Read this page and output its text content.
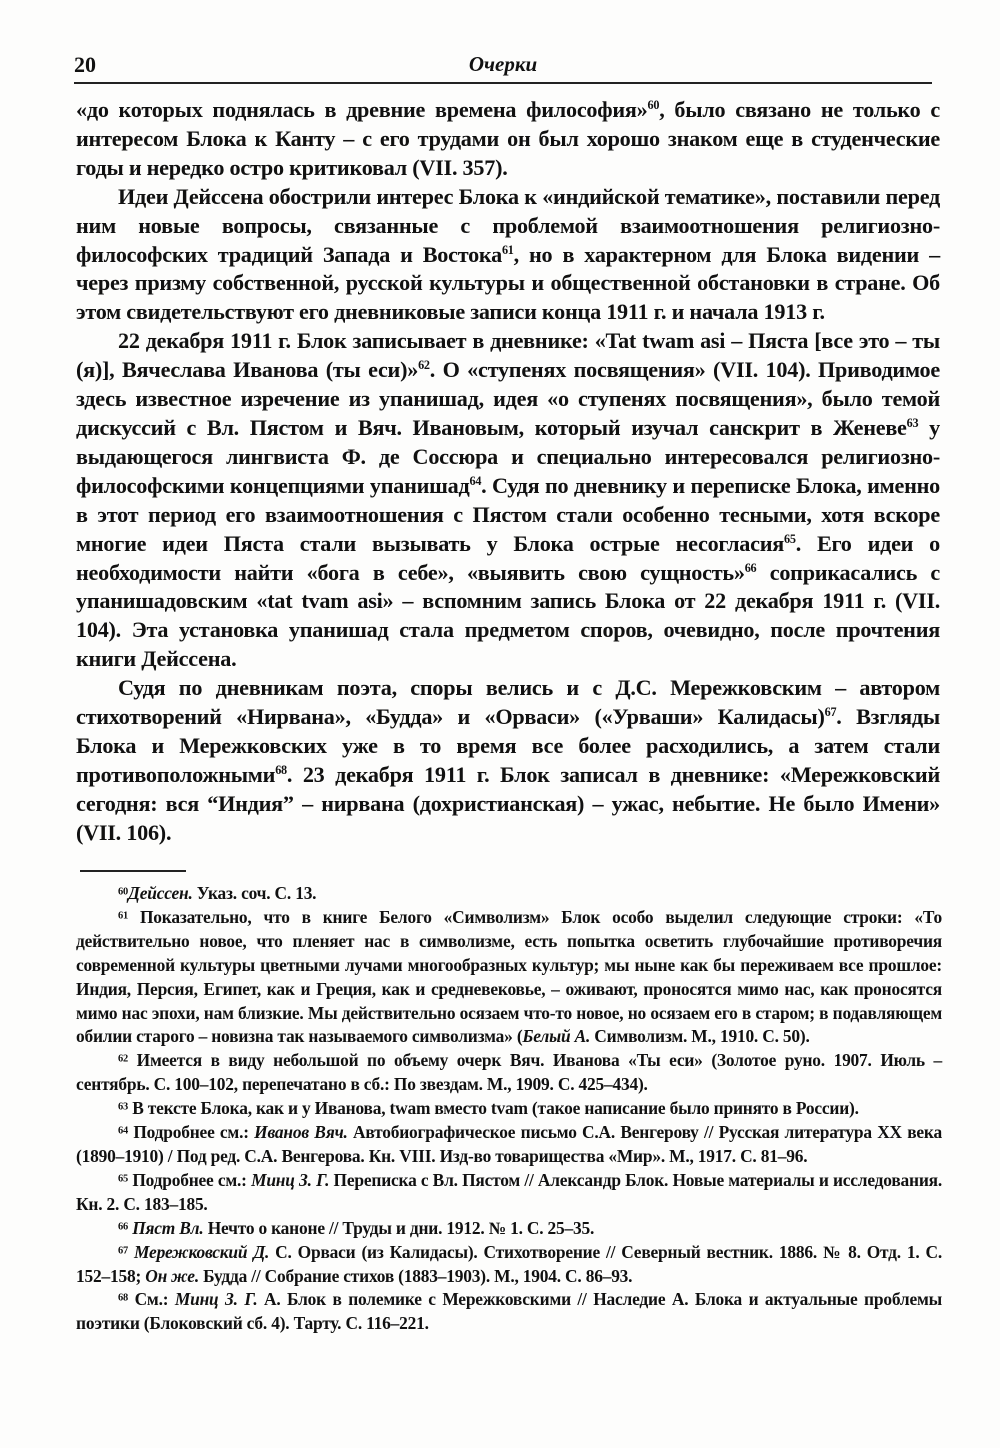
20	Очерки

«до которых поднялась в древние времена философия»$^{60}$, было связано не только с интересом Блока к Канту – с его трудами он был хорошо знаком еще в студенческие годы и нередко остро критиковал (VII. 357).

Идеи Дейссена обострили интерес Блока к «индийской тематике», поставили перед ним новые вопросы, связанные с проблемой взаимоотношения религиозно-философских традиций Запада и Востока$^{61}$, но в характерном для Блока видении – через призму собственной, русской культуры и общественной обстановки в стране. Об этом свидетельствуют его дневниковые записи конца 1911 г. и начала 1913 г.

22 декабря 1911 г. Блок записывает в дневнике: «Tat twam asi – Пяста [все это – ты (я)], Вячеслава Иванова (ты еси)»$^{62}$. О «ступенях посвящения» (VII. 104). Приводимое здесь известное изречение из упанишад, идея «о ступенях посвящения», было темой дискуссий с Вл. Пястом и Вяч. Ивановым, который изучал санскрит в Женеве$^{63}$ у выдающегося лингвиста Ф. де Соссюра и специально интересовался религиозно-философскими концепциями упанишад$^{64}$. Судя по дневнику и переписке Блока, именно в этот период его взаимоотношения с Пястом стали особенно тесными, хотя вскоре многие идеи Пяста стали вызывать у Блока острые несогласия$^{65}$. Его идеи о необходимости найти «бога в себе», «выявить свою сущность»$^{66}$ соприкасались с упанишадовским «tat tvam asi» – вспомним запись Блока от 22 декабря 1911 г. (VII. 104). Эта установка упанишад стала предметом споров, очевидно, после прочтения книги Дейссена.

Судя по дневникам поэта, споры велись и с Д.С. Мережковским – автором стихотворений «Нирвана», «Будда» и «Орваси» («Урваши» Калидасы)$^{67}$. Взгляды Блока и Мережковских уже в то время все более расходились, а затем стали противоположными$^{68}$. 23 декабря 1911 г. Блок записал в дневнике: «Мережковский сегодня: вся “Индия” – нирвана (дохристианская) – ужас, небытие. Не было Имени» (VII. 106).

$^{60}$Дейссен. Указ. соч. С. 13.

$^{61}$ Показательно, что в книге Белого «Символизм» Блок особо выделил следующие строки: «То действительно новое, что пленяет нас в символизме, есть попытка осветить глубочайшие противоречия современной культуры цветными лучами многообразных культур; мы ныне как бы переживаем все прошлое: Индия, Персия, Египет, как и Греция, как и средневековье, – оживают, проносятся мимо нас, как проносятся мимо нас эпохи, нам близкие. Мы действительно осязаем что-то новое, но осязаем его в старом; в подавляющем обилии старого – новизна так называемого символизма» (Белый А. Символизм. М., 1910. С. 50).

$^{62}$ Имеется в виду небольшой по объему очерк Вяч. Иванова «Ты еси» (Золотое руно. 1907. Июль – сентябрь. С. 100–102, перепечатано в сб.: По звездам. М., 1909. С. 425–434).

$^{63}$ В тексте Блока, как и у Иванова, twam вместо tvam (такое написание было принято в России).

$^{64}$ Подробнее см.: Иванов Вяч. Автобиографическое письмо С.А. Венгерову // Русская литература XX века (1890–1910) / Под ред. С.А. Венгерова. Кн. VIII. Изд-во товарищества «Мир». М., 1917. С. 81–96.

$^{65}$ Подробнее см.: Минц З. Г. Переписка с Вл. Пястом // Александр Блок. Новые материалы и исследования. Кн. 2. С. 183–185.

$^{66}$ Пяст Вл. Нечто о каноне // Труды и дни. 1912. № 1. С. 25–35.

$^{67}$ Мережковский Д. С. Орваси (из Калидасы). Стихотворение // Северный вестник. 1886. № 8. Отд. 1. С. 152–158; Он же. Будда // Собрание стихов (1883–1903). М., 1904. С. 86–93.

$^{68}$ См.: Минц З. Г. А. Блок в полемике с Мережковскими // Наследие А. Блока и актуальные проблемы поэтики (Блоковский сб. 4). Тарту. С. 116–221.
